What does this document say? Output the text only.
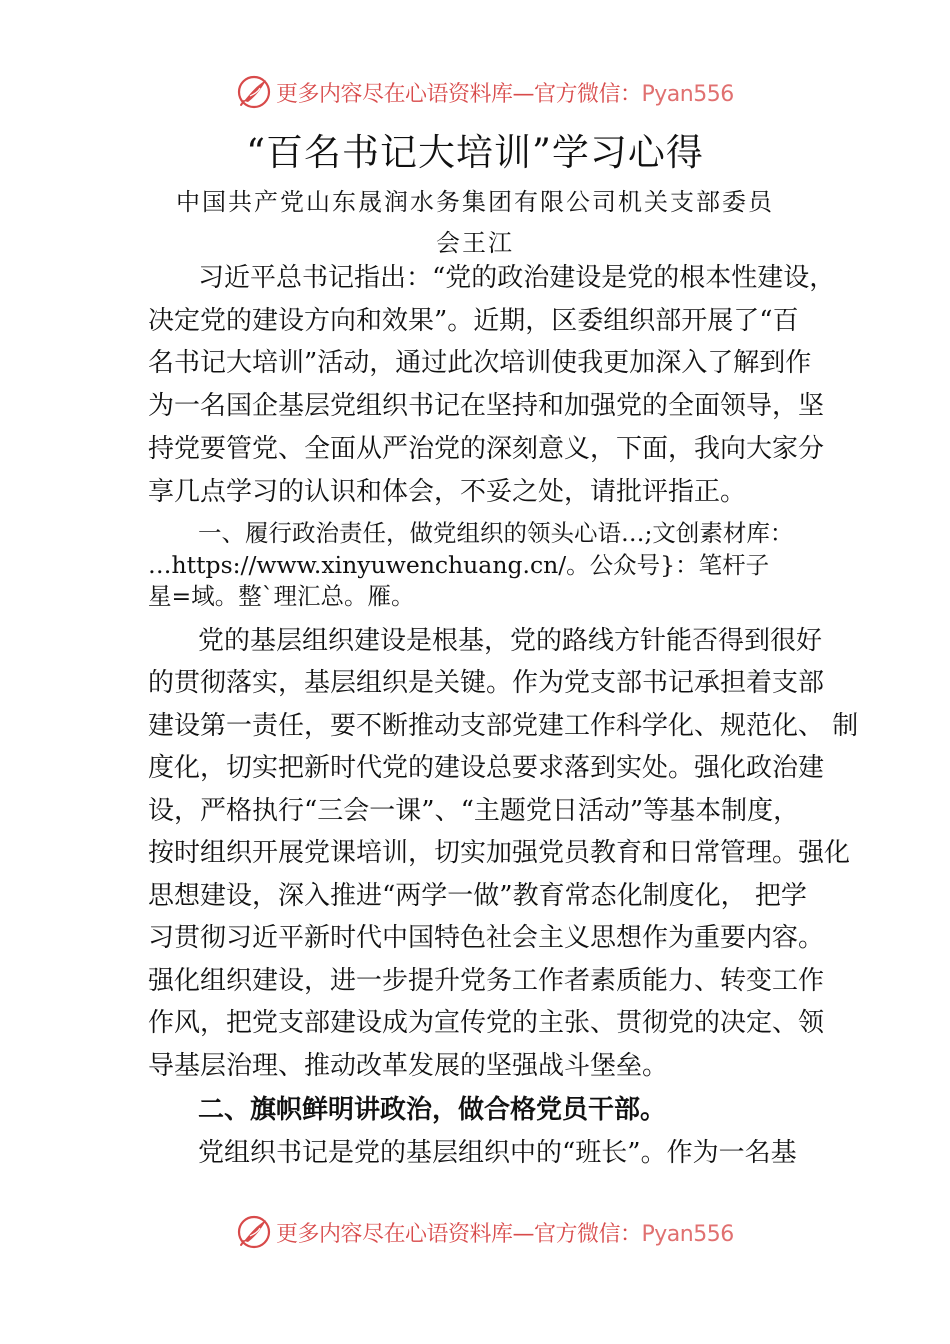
更多内容尽在心语资料库—官方微信：Pyan556
“百名书记大培训”学习心得
中国共产党山东晟润水务集团有限公司机关支部委员
会王江
习近平总书记指出：“党的政治建设是党的根本性建设，
决定党的建设方向和效果”。近期，区委组织部开展了“百
名书记大培训”活动，通过此次培训使我更加深入了解到作
为一名国企基层党组织书记在坚持和加强党的全面领导，坚
持党要管党、全面从严治党的深刻意义，下面，我向大家分
享几点学习的认识和体会，不妥之处，请批评指正。
一、履行政治责任，做党组织的领头心语…;文创素材库：
…https://www.xinyuwenchuang.cn/。公众号}：笔杆子
星=域。整`理汇总。雁。
党的基层组织建设是根基，党的路线方针能否得到很好
的贯彻落实，基层组织是关键。作为党支部书记承担着支部
建设第一责任，要不断推动支部党建工作科学化、规范化、 制
度化，切实把新时代党的建设总要求落到实处。强化政治建
设，严格执行“三会一课”、“主题党日活动”等基本制度，
按时组织开展党课培训，切实加强党员教育和日常管理。强化
思想建设，深入推进“两学一做”教育常态化制度化， 把学
习贯彻习近平新时代中国特色社会主义思想作为重要内容。
强化组织建设，进一步提升党务工作者素质能力、转变工作
作风，把党支部建设成为宣传党的主张、贯彻党的决定、领
导基层治理、推动改革发展的坚强战斗堡垒。
二、旗帜鲜明讲政治，做合格党员干部。
党组织书记是党的基层组织中的“班长”。作为一名基
更多内容尽在心语资料库—官方微信：Pyan556
